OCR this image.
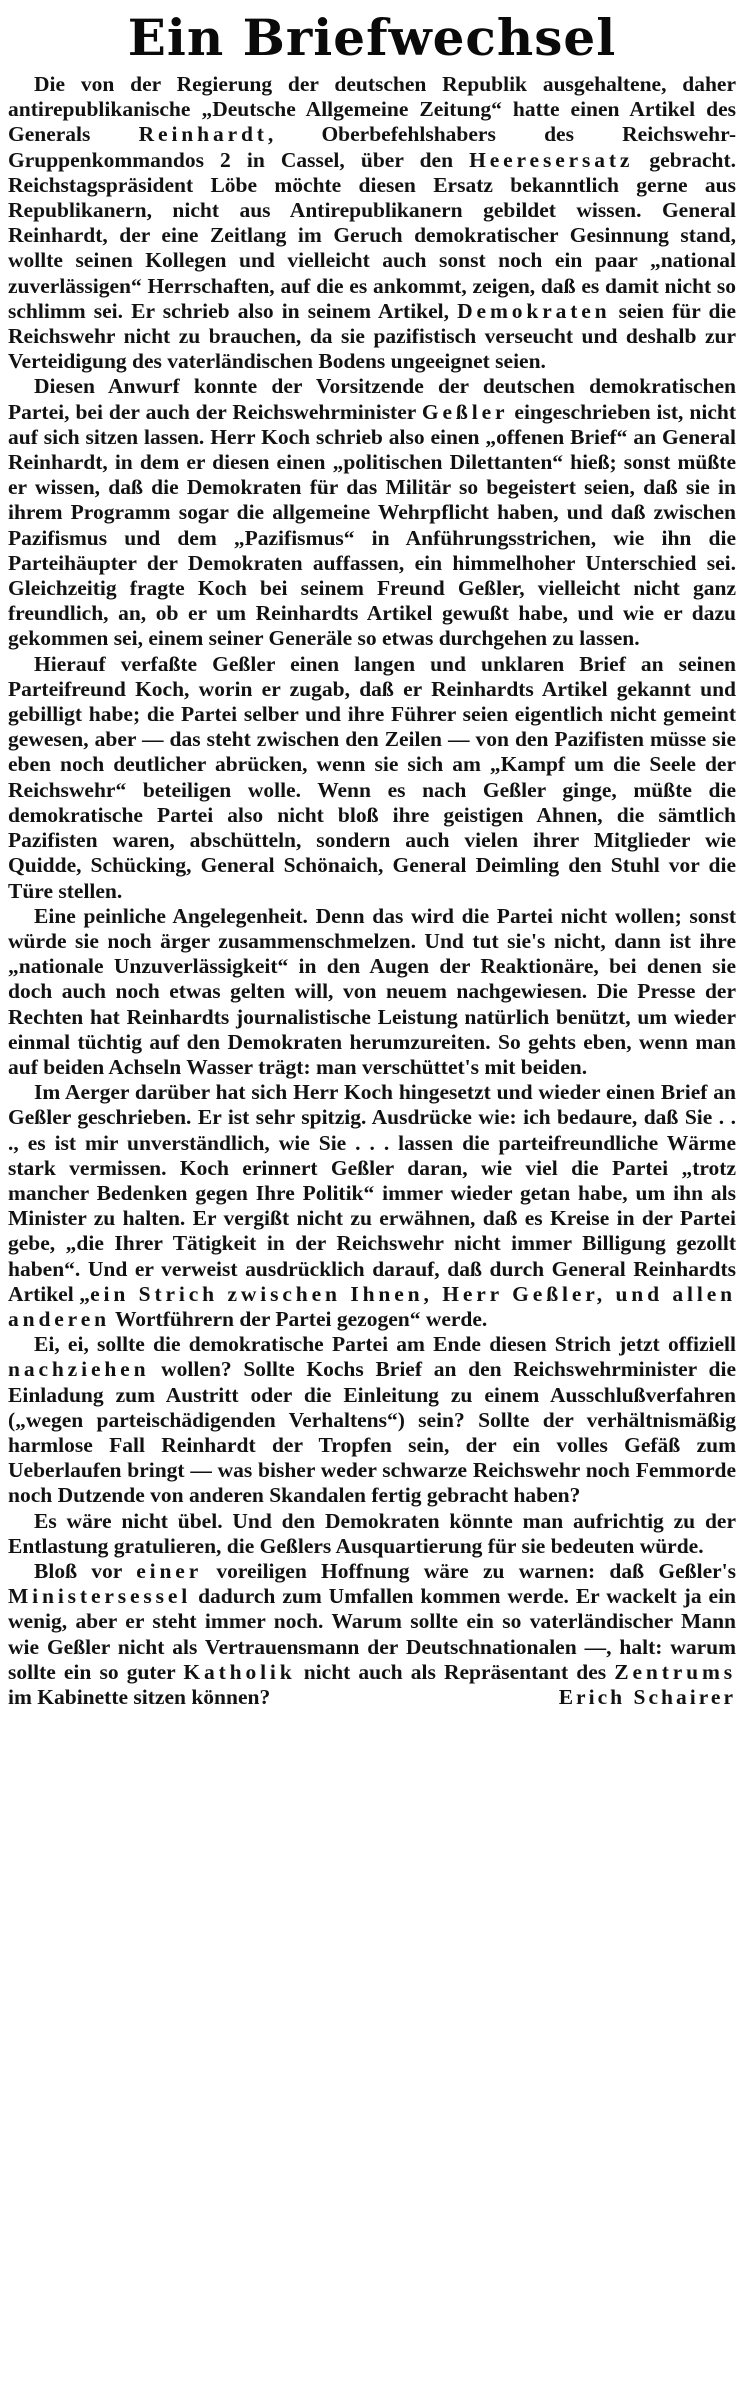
Ein Briefwechsel

Die von der Regierung der deutschen Republik ausgehaltene, daher antirepublikanische „Deutsche Allgemeine Zeitung“ hatte einen Artikel des Generals Reinhardt, Oberbefehlshabers des Reichswehr-Gruppenkommandos 2 in Cassel, über den Heeresersatz gebracht. Reichstagspräsident Löbe möchte diesen Ersatz bekanntlich gerne aus Republikanern, nicht aus Antirepublikanern gebildet wissen. General Reinhardt, der eine Zeitlang im Geruch demokratischer Gesinnung stand, wollte seinen Kollegen und vielleicht auch sonst noch ein paar „national zuverlässigen“ Herrschaften, auf die es ankommt, zeigen, daß es damit nicht so schlimm sei. Er schrieb also in seinem Artikel, Demokraten seien für die Reichswehr nicht zu brauchen, da sie pazifistisch verseucht und deshalb zur Verteidigung des vaterländischen Bodens ungeeignet seien.

Diesen Anwurf konnte der Vorsitzende der deutschen demokratischen Partei, bei der auch der Reichswehrminister Geßler eingeschrieben ist, nicht auf sich sitzen lassen. Herr Koch schrieb also einen „offenen Brief“ an General Reinhardt, in dem er diesen einen „politischen Dilettanten“ hieß; sonst müßte er wissen, daß die Demokraten für das Militär so begeistert seien, daß sie in ihrem Programm sogar die allgemeine Wehrpflicht haben, und daß zwischen Pazifismus und dem „Pazifismus“ in Anführungsstrichen, wie ihn die Parteihäupter der Demokraten auffassen, ein himmelhoher Unterschied sei. Gleichzeitig fragte Koch bei seinem Freund Geßler, vielleicht nicht ganz freundlich, an, ob er um Reinhardts Artikel gewußt habe, und wie er dazu gekommen sei, einem seiner Generäle so etwas durchgehen zu lassen.

Hierauf verfaßte Geßler einen langen und unklaren Brief an seinen Parteifreund Koch, worin er zugab, daß er Reinhardts Artikel gekannt und gebilligt habe; die Partei selber und ihre Führer seien eigentlich nicht gemeint gewesen, aber — das steht zwischen den Zeilen — von den Pazifisten müsse sie eben noch deutlicher abrücken, wenn sie sich am „Kampf um die Seele der Reichswehr“ beteiligen wolle. Wenn es nach Geßler ginge, müßte die demokratische Partei also nicht bloß ihre geistigen Ahnen, die sämtlich Pazifisten waren, abschütteln, sondern auch vielen ihrer Mitglieder wie Quidde, Schücking, General Schönaich, General Deimling den Stuhl vor die Türe stellen.

Eine peinliche Angelegenheit. Denn das wird die Partei nicht wollen; sonst würde sie noch ärger zusammenschmelzen. Und tut sie's nicht, dann ist ihre „nationale Unzuverlässigkeit“ in den Augen der Reaktionäre, bei denen sie doch auch noch etwas gelten will, von neuem nachgewiesen. Die Presse der Rechten hat Reinhardts journalistische Leistung natürlich benützt, um wieder einmal tüchtig auf den Demokraten herumzureiten. So gehts eben, wenn man auf beiden Achseln Wasser trägt: man verschüttet's mit beiden.

Im Aerger darüber hat sich Herr Koch hingesetzt und wieder einen Brief an Geßler geschrieben. Er ist sehr spitzig. Ausdrücke wie: ich bedaure, daß Sie . . ., es ist mir unverständlich, wie Sie . . . lassen die parteifreundliche Wärme stark vermissen. Koch erinnert Geßler daran, wie viel die Partei „trotz mancher Bedenken gegen Ihre Politik“ immer wieder getan habe, um ihn als Minister zu halten. Er vergißt nicht zu erwähnen, daß es Kreise in der Partei gebe, „die Ihrer Tätigkeit in der Reichswehr nicht immer Billigung gezollt haben“. Und er verweist ausdrücklich darauf, daß durch General Reinhardts Artikel „ein Strich zwischen Ihnen, Herr Geßler, und allen anderen Wortführern der Partei gezogen“ werde.

Ei, ei, sollte die demokratische Partei am Ende diesen Strich jetzt offiziell nachziehen wollen? Sollte Kochs Brief an den Reichswehrminister die Einladung zum Austritt oder die Einleitung zu einem Ausschlußverfahren („wegen parteischädigenden Verhaltens“) sein? Sollte der verhältnismäßig harmlose Fall Reinhardt der Tropfen sein, der ein volles Gefäß zum Ueberlaufen bringt — was bisher weder schwarze Reichswehr noch Femmorde noch Dutzende von anderen Skandalen fertig gebracht haben?

Es wäre nicht übel. Und den Demokraten könnte man aufrichtig zu der Entlastung gratulieren, die Geßlers Ausquartierung für sie bedeuten würde.

Bloß vor einer voreiligen Hoffnung wäre zu warnen: daß Geßler's Ministersessel dadurch zum Umfallen kommen werde. Er wackelt ja ein wenig, aber er steht immer noch. Warum sollte ein so vaterländischer Mann wie Geßler nicht als Vertrauensmann der Deutschnationalen —, halt: warum sollte ein so guter Katholik nicht auch als Repräsentant des Zentrums im Kabinette sitzen können?	Erich Schairer
